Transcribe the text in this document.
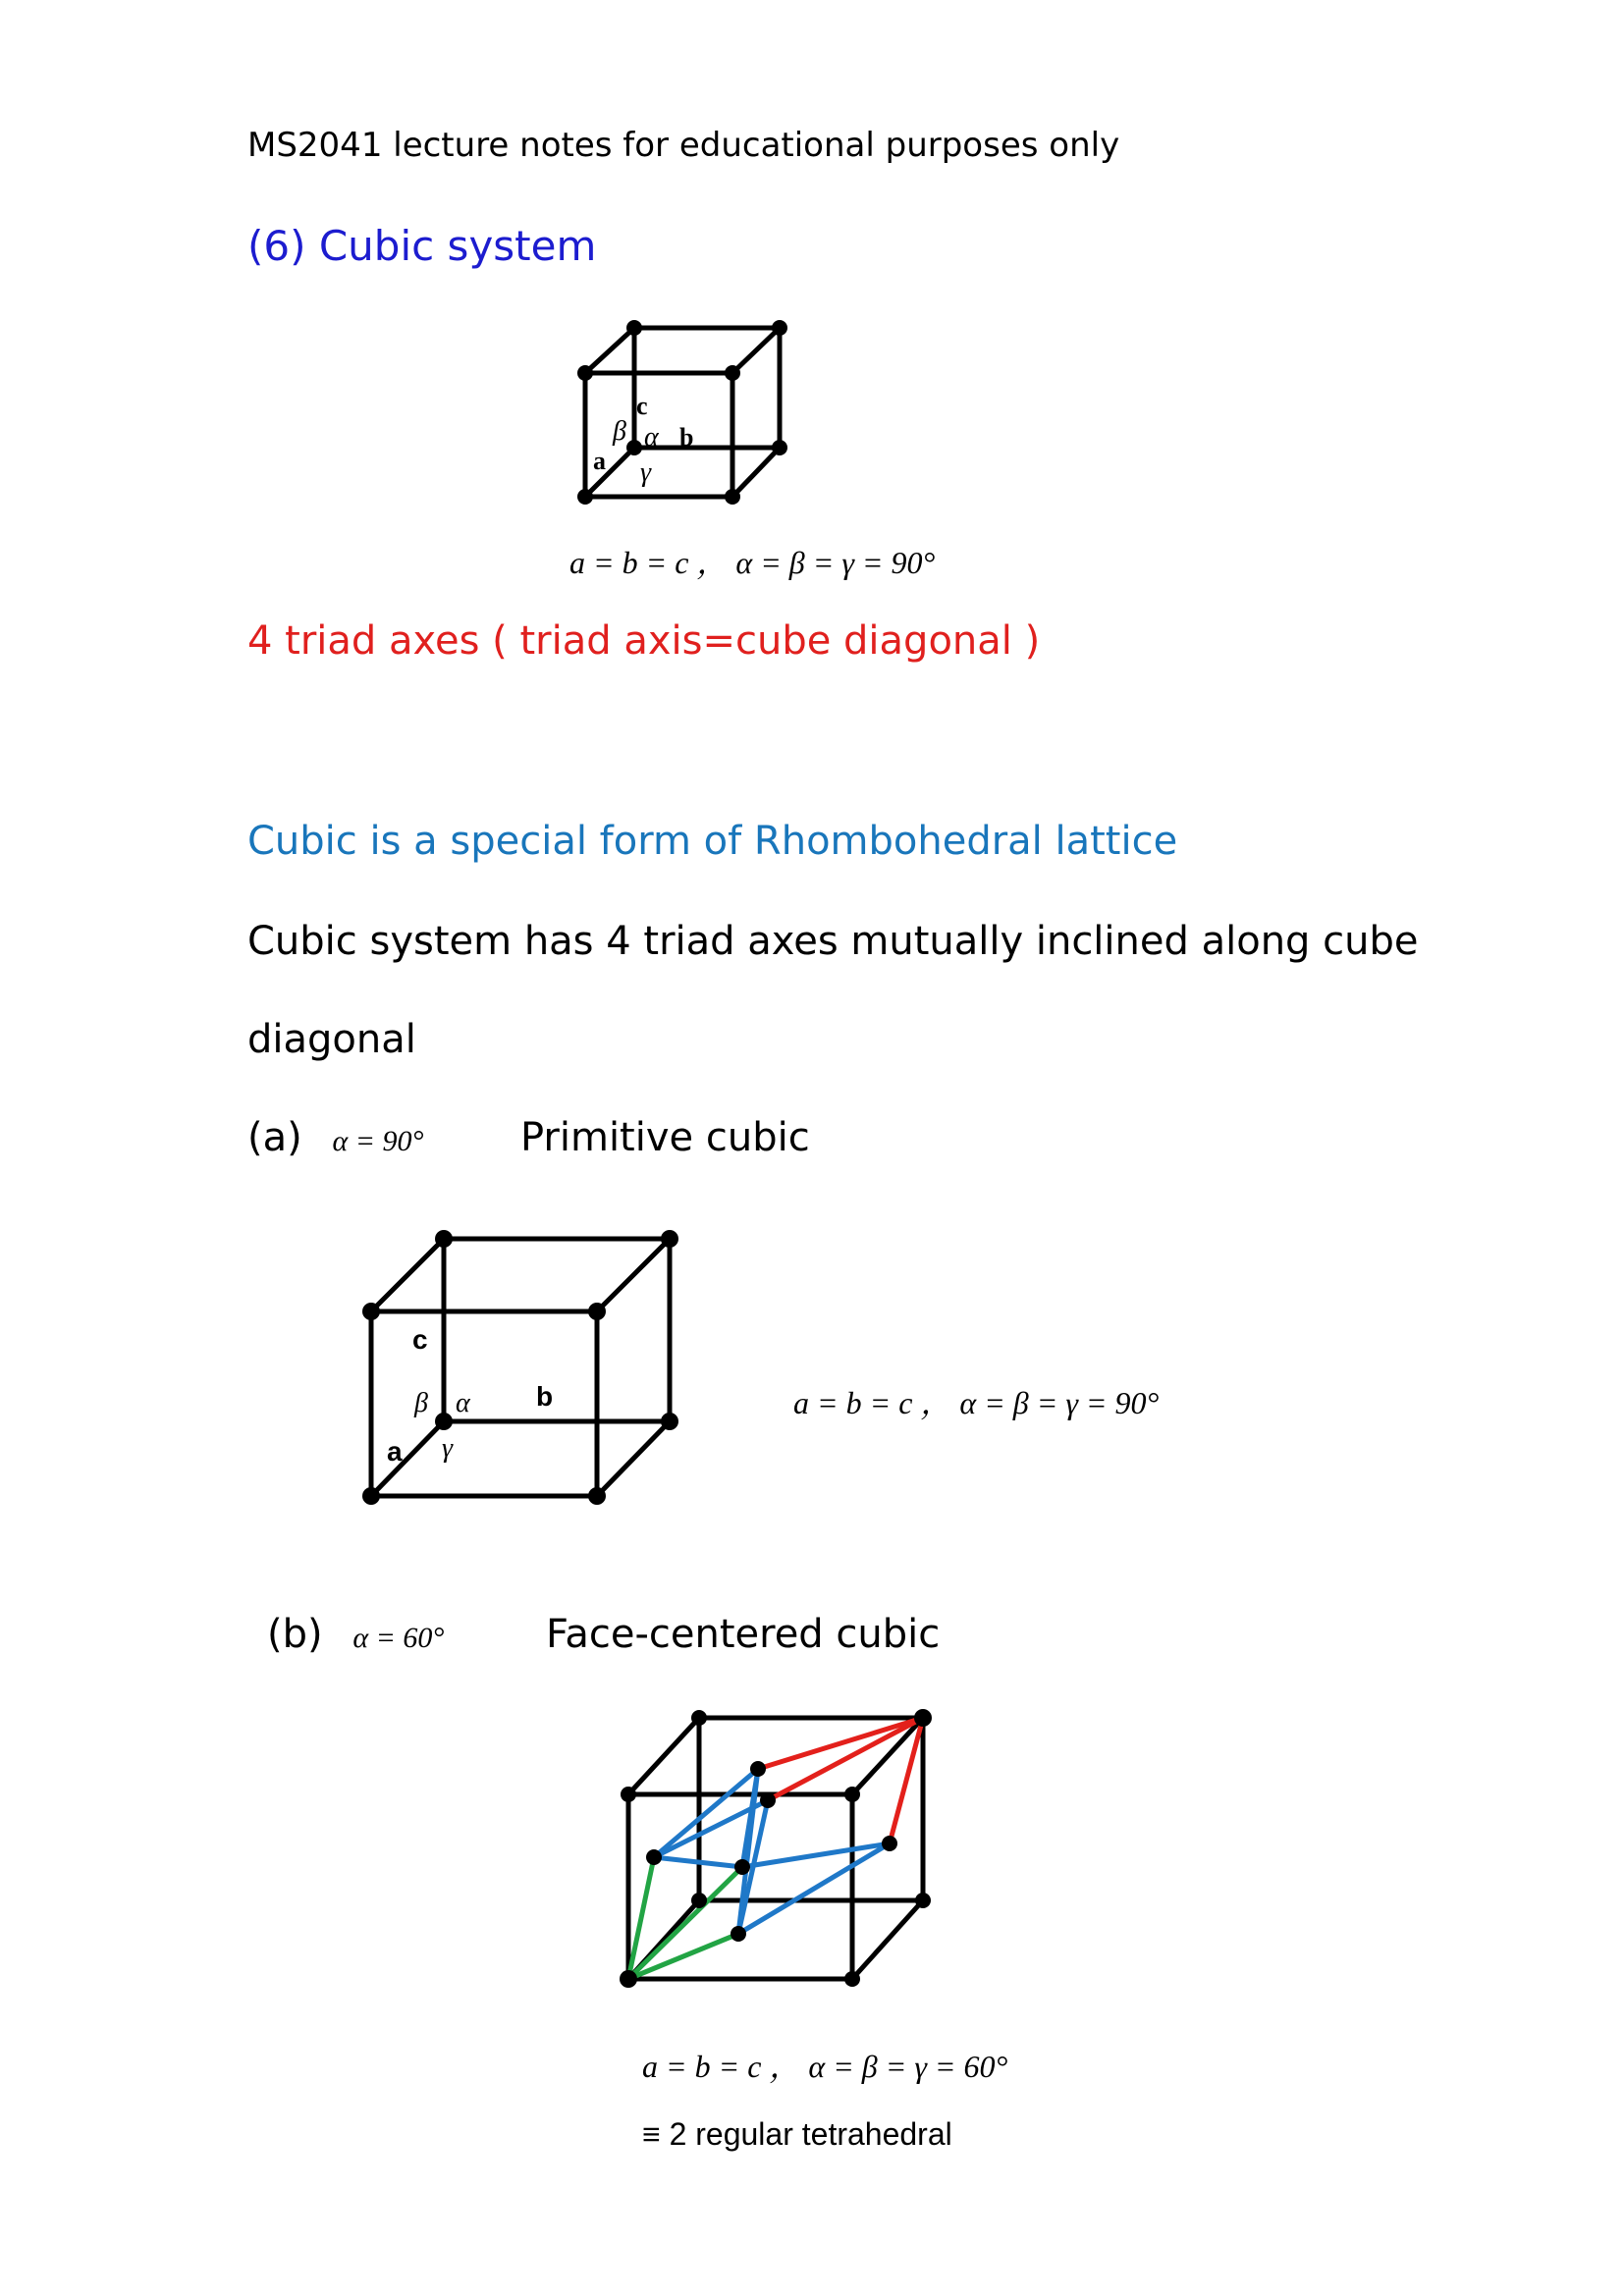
MS2041 lecture notes for educational purposes only
(6) Cubic system
c
b
a
β α
γ
a = b = c ， α = β = γ = 90°
4 triad axes ( triad axis=cube diagonal )
Cubic is a special form of Rhombohedral lattice
Cubic system has 4 triad axes mutually inclined along cube
diagonal
(a) α = 90° Primitive cubic
c
b
a
β α
γ
a = b = c ， α = β = γ = 90°
(b) α = 60°	Face-centered cubic
a = b = c ， α = β = γ = 60°
≡ 2 regular tetrahedral
